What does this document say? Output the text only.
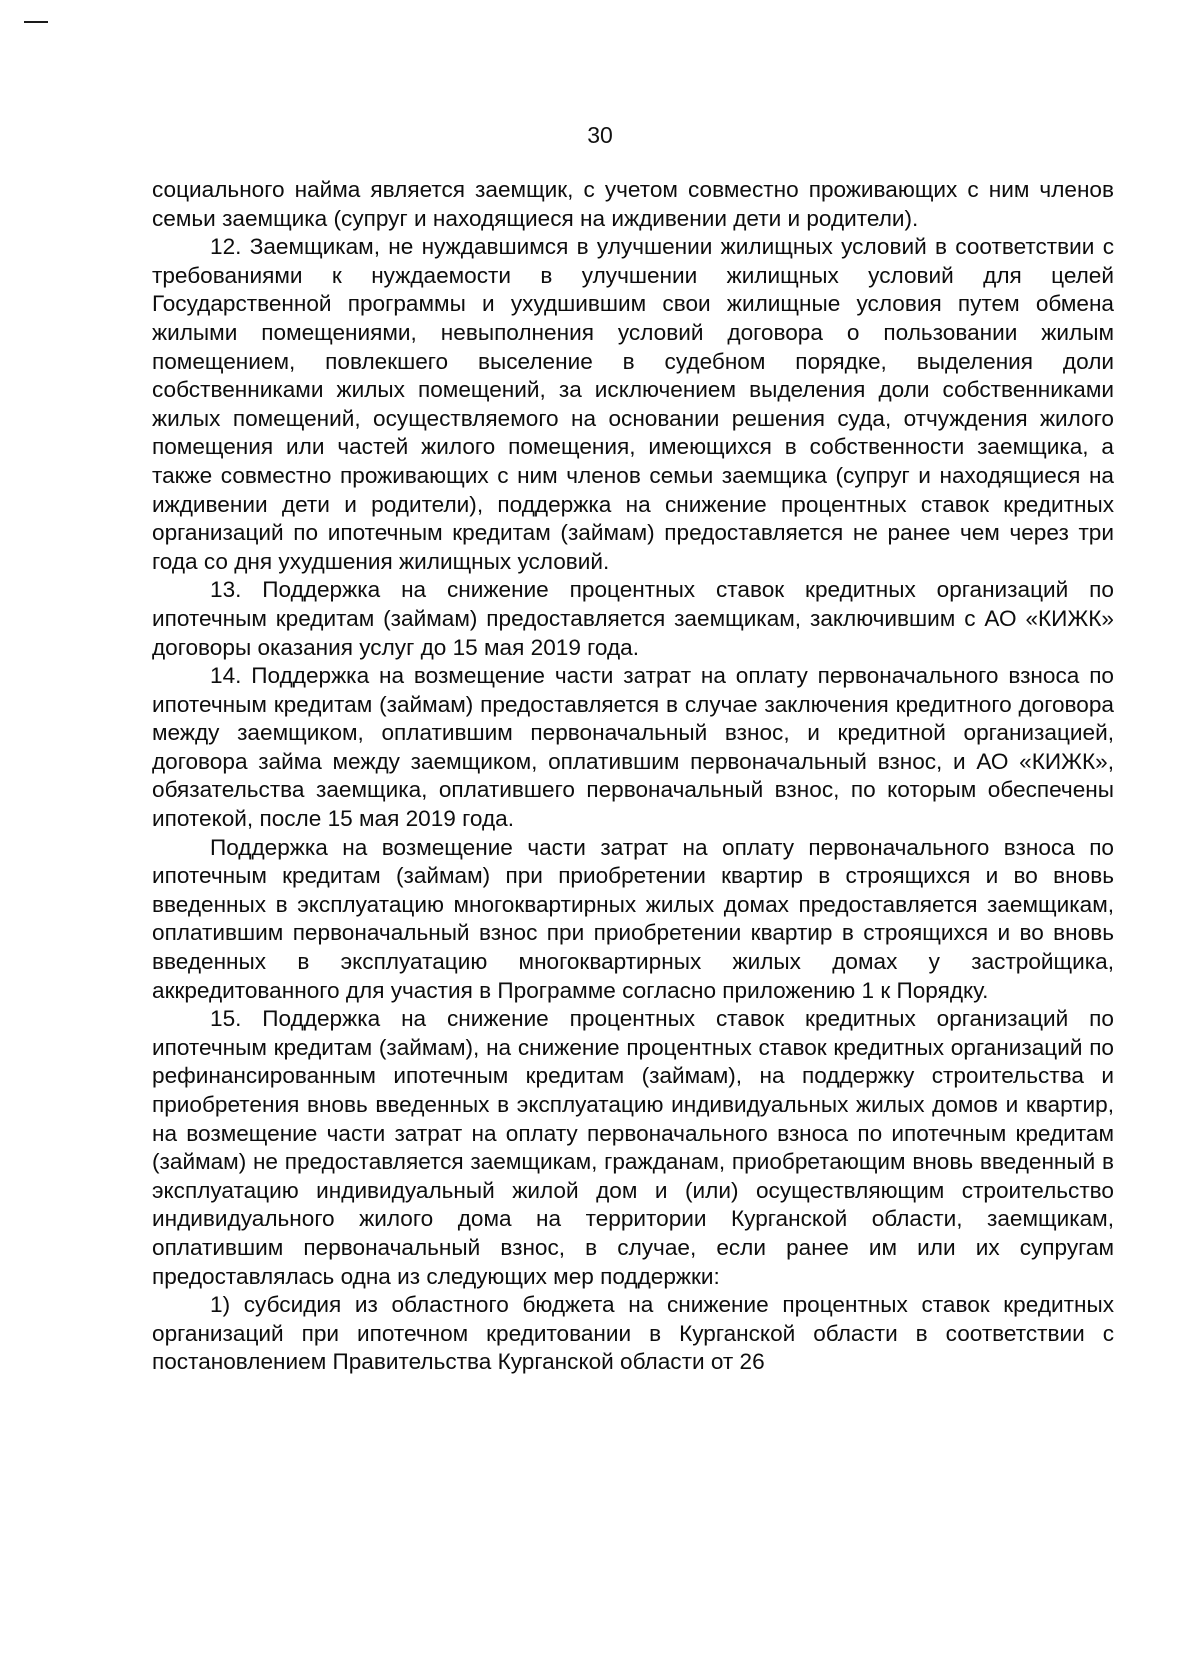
30

социального найма является заемщик, с учетом совместно проживающих с ним членов семьи заемщика (супруг и находящиеся на иждивении дети и родители).

12. Заемщикам, не нуждавшимся в улучшении жилищных условий в соответствии с требованиями к нуждаемости в улучшении жилищных условий для целей Государственной программы и ухудшившим свои жилищные условия путем обмена жилыми помещениями, невыполнения условий договора о пользовании жилым помещением, повлекшего выселение в судебном порядке, выделения доли собственниками жилых помещений, за исключением выделения доли собственниками жилых помещений, осуществляемого на основании решения суда, отчуждения жилого помещения или частей жилого помещения, имеющихся в собственности заемщика, а также совместно проживающих с ним членов семьи заемщика (супруг и находящиеся на иждивении дети и родители), поддержка на снижение процентных ставок кредитных организаций по ипотечным кредитам (займам) предоставляется не ранее чем через три года со дня ухудшения жилищных условий.

13. Поддержка на снижение процентных ставок кредитных организаций по ипотечным кредитам (займам) предоставляется заемщикам, заключившим с АО «КИЖК» договоры оказания услуг до 15 мая 2019 года.

14. Поддержка на возмещение части затрат на оплату первоначального взноса по ипотечным кредитам (займам) предоставляется в случае заключения кредитного договора между заемщиком, оплатившим первоначальный взнос, и кредитной организацией, договора займа между заемщиком, оплатившим первоначальный взнос, и АО «КИЖК», обязательства заемщика, оплатившего первоначальный взнос, по которым обеспечены ипотекой, после 15 мая 2019 года.

Поддержка на возмещение части затрат на оплату первоначального взноса по ипотечным кредитам (займам) при приобретении квартир в строящихся и во вновь введенных в эксплуатацию многоквартирных жилых домах предоставляется заемщикам, оплатившим первоначальный взнос при приобретении квартир в строящихся и во вновь введенных в эксплуатацию многоквартирных жилых домах у застройщика, аккредитованного для участия в Программе согласно приложению 1 к Порядку.

15. Поддержка на снижение процентных ставок кредитных организаций по ипотечным кредитам (займам), на снижение процентных ставок кредитных организаций по рефинансированным ипотечным кредитам (займам), на поддержку строительства и приобретения вновь введенных в эксплуатацию индивидуальных жилых домов и квартир, на возмещение части затрат на оплату первоначального взноса по ипотечным кредитам (займам) не предоставляется заемщикам, гражданам, приобретающим вновь введенный в эксплуатацию индивидуальный жилой дом и (или) осуществляющим строительство индивидуального жилого дома на территории Курганской области, заемщикам, оплатившим первоначальный взнос, в случае, если ранее им или их супругам предоставлялась одна из следующих мер поддержки:

1) субсидия из областного бюджета на снижение процентных ставок кредитных организаций при ипотечном кредитовании в Курганской области в соответствии с постановлением Правительства Курганской области от 26
